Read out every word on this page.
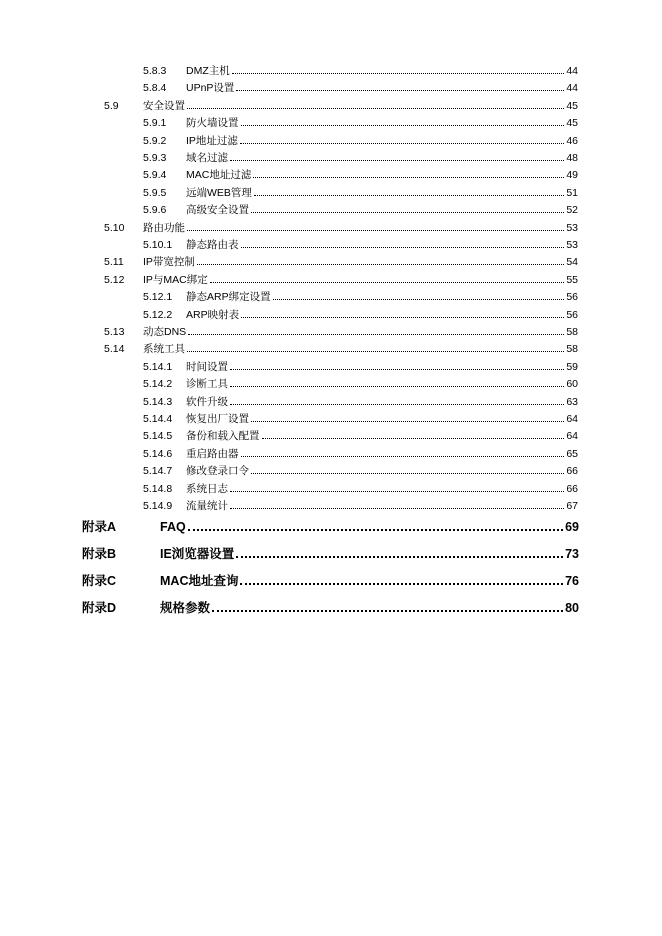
5.8.3	DMZ主机	44
5.8.4	UPnP设置	44
5.9	安全设置	45
5.9.1	防火墙设置	45
5.9.2	IP地址过滤	46
5.9.3	域名过滤	48
5.9.4	MAC地址过滤	49
5.9.5	远端WEB管理	51
5.9.6	高级安全设置	52
5.10	路由功能	53
5.10.1	静态路由表	53
5.11	IP带宽控制	54
5.12	IP与MAC绑定	55
5.12.1	静态ARP绑定设置	56
5.12.2	ARP映射表	56
5.13	动态DNS	58
5.14	系统工具	58
5.14.1	时间设置	59
5.14.2	诊断工具	60
5.14.3	软件升级	63
5.14.4	恢复出厂设置	64
5.14.5	备份和载入配置	64
5.14.6	重启路由器	65
5.14.7	修改登录口令	66
5.14.8	系统日志	66
5.14.9	流量统计	67
附录A	FAQ	69
附录B	IE浏览器设置	73
附录C	MAC地址查询	76
附录D	规格参数	80
